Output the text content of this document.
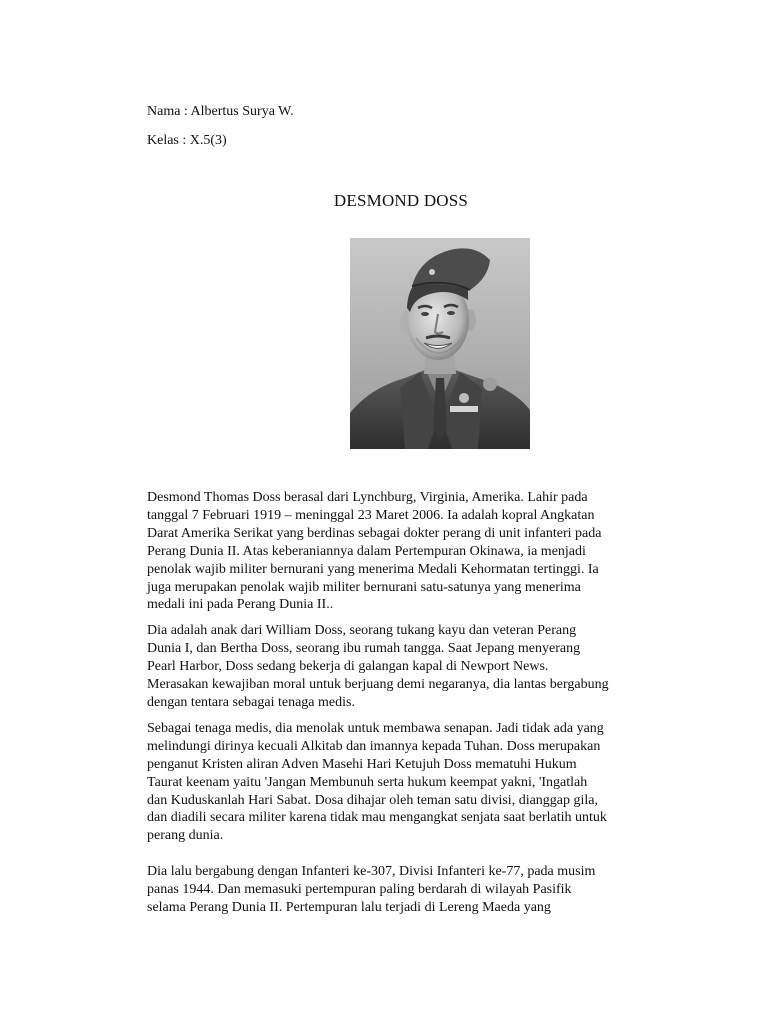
Nama : Albertus Surya W.
Kelas : X.5(3)
DESMOND DOSS

Desmond Thomas Doss berasal dari Lynchburg, Virginia, Amerika. Lahir pada
tanggal 7 Februari 1919 – meninggal 23 Maret 2006. Ia adalah kopral Angkatan
Darat Amerika Serikat yang berdinas sebagai dokter perang di unit infanteri pada
Perang Dunia II. Atas keberaniannya dalam Pertempuran Okinawa, ia menjadi
penolak wajib militer bernurani yang menerima Medali Kehormatan tertinggi. Ia
juga merupakan penolak wajib militer bernurani satu-satunya yang menerima
medali ini pada Perang Dunia II..

Dia adalah anak dari William Doss, seorang tukang kayu dan veteran Perang
Dunia I, dan Bertha Doss, seorang ibu rumah tangga. Saat Jepang menyerang
Pearl Harbor, Doss sedang bekerja di galangan kapal di Newport News.
Merasakan kewajiban moral untuk berjuang demi negaranya, dia lantas bergabung
dengan tentara sebagai tenaga medis.

Sebagai tenaga medis, dia menolak untuk membawa senapan. Jadi tidak ada yang
melindungi dirinya kecuali Alkitab dan imannya kepada Tuhan. Doss merupakan
penganut Kristen aliran Adven Masehi Hari Ketujuh Doss mematuhi Hukum
Taurat keenam yaitu 'Jangan Membunuh serta hukum keempat yakni, 'Ingatlah
dan Kuduskanlah Hari Sabat. Dosa dihajar oleh teman satu divisi, dianggap gila,
dan diadili secara militer karena tidak mau mengangkat senjata saat berlatih untuk
perang dunia.

Dia lalu bergabung dengan Infanteri ke-307, Divisi Infanteri ke-77, pada musim
panas 1944. Dan memasuki pertempuran paling berdarah di wilayah Pasifik
selama Perang Dunia II. Pertempuran lalu terjadi di Lereng Maeda yang
